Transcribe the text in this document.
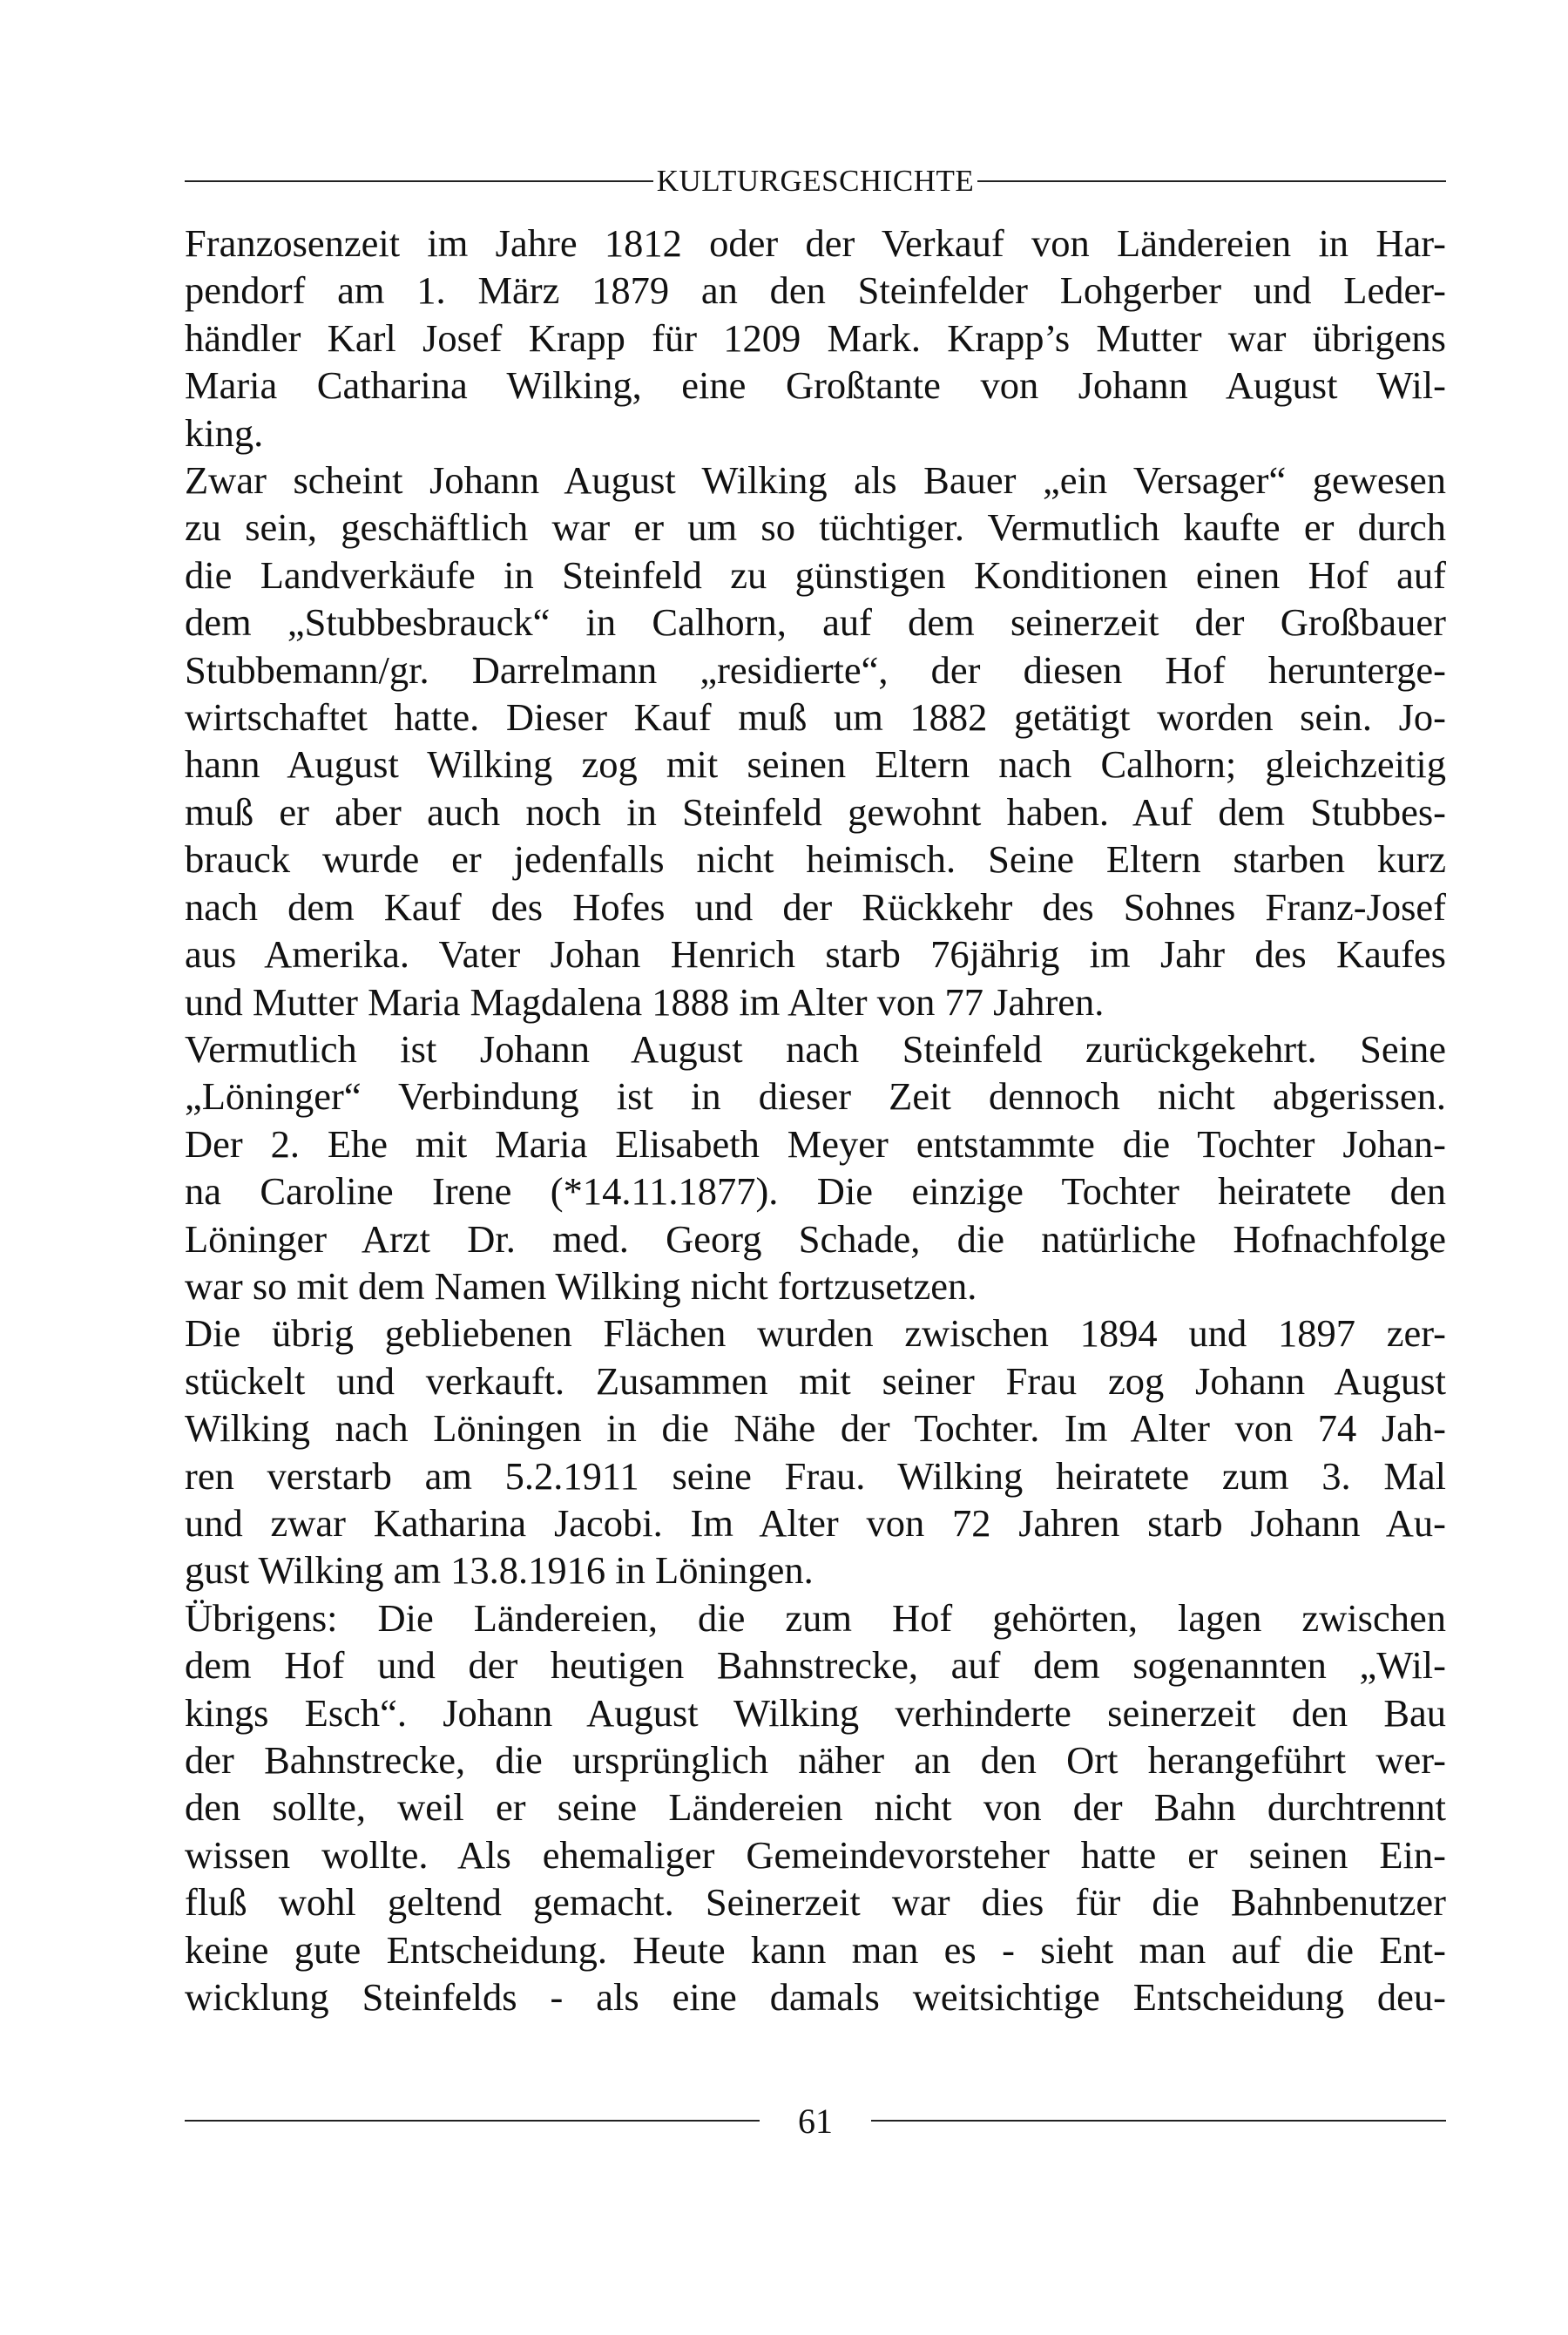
KULTURGESCHICHTE
Franzosenzeit im Jahre 1812 oder der Verkauf von Ländereien in Har-
pendorf am 1. März 1879 an den Steinfelder Lohgerber und Leder-
händler Karl Josef Krapp für 1209 Mark. Krapp’s Mutter war übrigens
Maria Catharina Wilking, eine Großtante von Johann August Wil-
king.
Zwar scheint Johann August Wilking als Bauer „ein Versager“ gewesen
zu sein, geschäftlich war er um so tüchtiger. Vermutlich kaufte er durch
die Landverkäufe in Steinfeld zu günstigen Konditionen einen Hof auf
dem „Stubbesbrauck“ in Calhorn, auf dem seinerzeit der Großbauer
Stubbemann/gr. Darrelmann „residierte“, der diesen Hof herunterge-
wirtschaftet hatte. Dieser Kauf muß um 1882 getätigt worden sein. Jo-
hann August Wilking zog mit seinen Eltern nach Calhorn; gleichzeitig
muß er aber auch noch in Steinfeld gewohnt haben. Auf dem Stubbes-
brauck wurde er jedenfalls nicht heimisch. Seine Eltern starben kurz
nach dem Kauf des Hofes und der Rückkehr des Sohnes Franz-Josef
aus Amerika. Vater Johan Henrich starb 76jährig im Jahr des Kaufes
und Mutter Maria Magdalena 1888 im Alter von 77 Jahren.
Vermutlich ist Johann August nach Steinfeld zurückgekehrt. Seine
„Löninger“ Verbindung ist in dieser Zeit dennoch nicht abgerissen.
Der 2. Ehe mit Maria Elisabeth Meyer entstammte die Tochter Johan-
na Caroline Irene (*14.11.1877). Die einzige Tochter heiratete den
Löninger Arzt Dr. med. Georg Schade, die natürliche Hofnachfolge
war so mit dem Namen Wilking nicht fortzusetzen.
Die übrig gebliebenen Flächen wurden zwischen 1894 und 1897 zer-
stückelt und verkauft. Zusammen mit seiner Frau zog Johann August
Wilking nach Löningen in die Nähe der Tochter. Im Alter von 74 Jah-
ren verstarb am 5.2.1911 seine Frau. Wilking heiratete zum 3. Mal
und zwar Katharina Jacobi. Im Alter von 72 Jahren starb Johann Au-
gust Wilking am 13.8.1916 in Löningen.
Übrigens: Die Ländereien, die zum Hof gehörten, lagen zwischen
dem Hof und der heutigen Bahnstrecke, auf dem sogenannten „Wil-
kings Esch“. Johann August Wilking verhinderte seinerzeit den Bau
der Bahnstrecke, die ursprünglich näher an den Ort herangeführt wer-
den sollte, weil er seine Ländereien nicht von der Bahn durchtrennt
wissen wollte. Als ehemaliger Gemeindevorsteher hatte er seinen Ein-
fluß wohl geltend gemacht. Seinerzeit war dies für die Bahnbenutzer
keine gute Entscheidung. Heute kann man es - sieht man auf die Ent-
wicklung Steinfelds - als eine damals weitsichtige Entscheidung deu-
61
